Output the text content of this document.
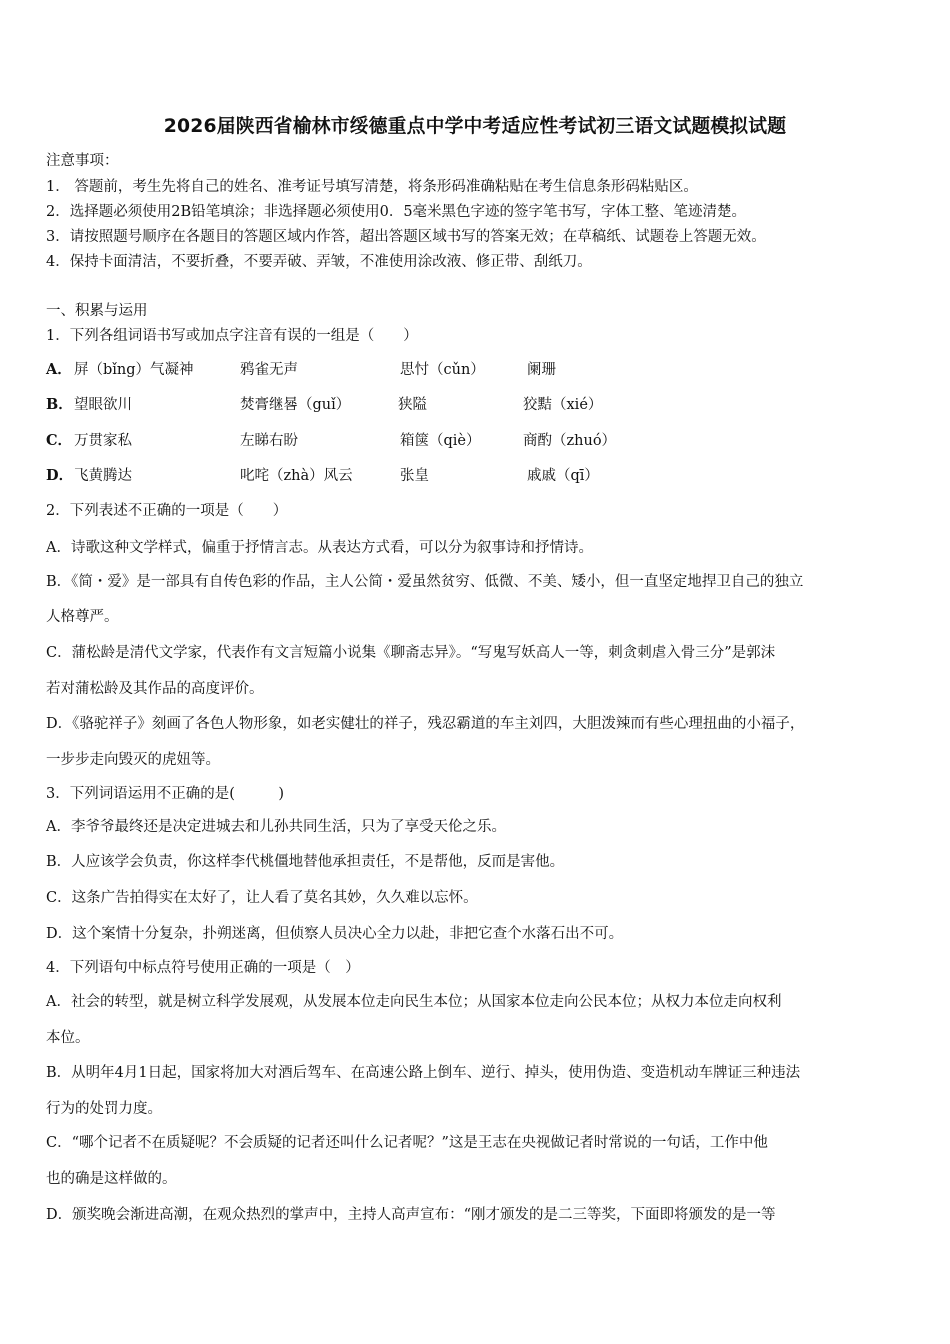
2026届陕西省榆林市绥德重点中学中考适应性考试初三语文试题模拟试题
注意事项：
1． 答题前，考生先将自己的姓名、准考证号填写清楚，将条形码准确粘贴在考生信息条形码粘贴区。
2．选择题必须使用2B铅笔填涂；非选择题必须使用0．5毫米黑色字迹的签字笔书写，字体工整、笔迹清楚。
3．请按照题号顺序在各题目的答题区域内作答，超出答题区域书写的答案无效；在草稿纸、试题卷上答题无效。
4．保持卡面清洁，不要折叠，不要弄破、弄皱，不准使用涂改液、修正带、刮纸刀。
一、积累与运用
1．下列各组词语书写或加点字注音有误的一组是（　　）
A． 屏（bǐng）气凝神	鸦雀无声	思忖（cǔn）	阑珊
B． 望眼欲川	焚膏继晷（guǐ）	狭隘	狡黠（xié）
C． 万贯家私	左睇右盼	箱箧（qiè）	商酌（zhuó）
D． 飞黄腾达	叱咤（zhà）风云	张皇	戚戚（qī）
2．下列表述不正确的一项是（　　）
A．诗歌这种文学样式，偏重于抒情言志。从表达方式看，可以分为叙事诗和抒情诗。
B．《简・爱》是一部具有自传色彩的作品，主人公简・爱虽然贫穷、低微、不美、矮小，但一直坚定地捍卫自己的独立
人格尊严。
C．蒲松龄是清代文学家，代表作有文言短篇小说集《聊斋志异》。“写鬼写妖高人一等，刺贪刺虐入骨三分”是郭沫
若对蒲松龄及其作品的高度评价。
D．《骆驼祥子》刻画了各色人物形象，如老实健壮的祥子，残忍霸道的车主刘四，大胆泼辣而有些心理扭曲的小福子，
一步步走向毁灭的虎妞等。
3．下列词语运用不正确的是(　　　)
A．李爷爷最终还是决定进城去和儿孙共同生活，只为了享受天伦之乐。
B．人应该学会负责，你这样李代桃僵地替他承担责任，不是帮他，反而是害他。
C．这条广告拍得实在太好了，让人看了莫名其妙，久久难以忘怀。
D．这个案情十分复杂，扑朔迷离，但侦察人员决心全力以赴，非把它查个水落石出不可。
4．下列语句中标点符号使用正确的一项是（　）
A．社会的转型，就是树立科学发展观，从发展本位走向民生本位；从国家本位走向公民本位；从权力本位走向权利
本位。
B．从明年4月1日起，国家将加大对酒后驾车、在高速公路上倒车、逆行、掉头，使用伪造、变造机动车牌证三种违法
行为的处罚力度。
C．“哪个记者不在质疑呢？不会质疑的记者还叫什么记者呢？”这是王志在央视做记者时常说的一句话，工作中他
也的确是这样做的。
D．颁奖晚会渐进高潮，在观众热烈的掌声中，主持人高声宣布：“刚才颁发的是二三等奖，下面即将颁发的是一等
